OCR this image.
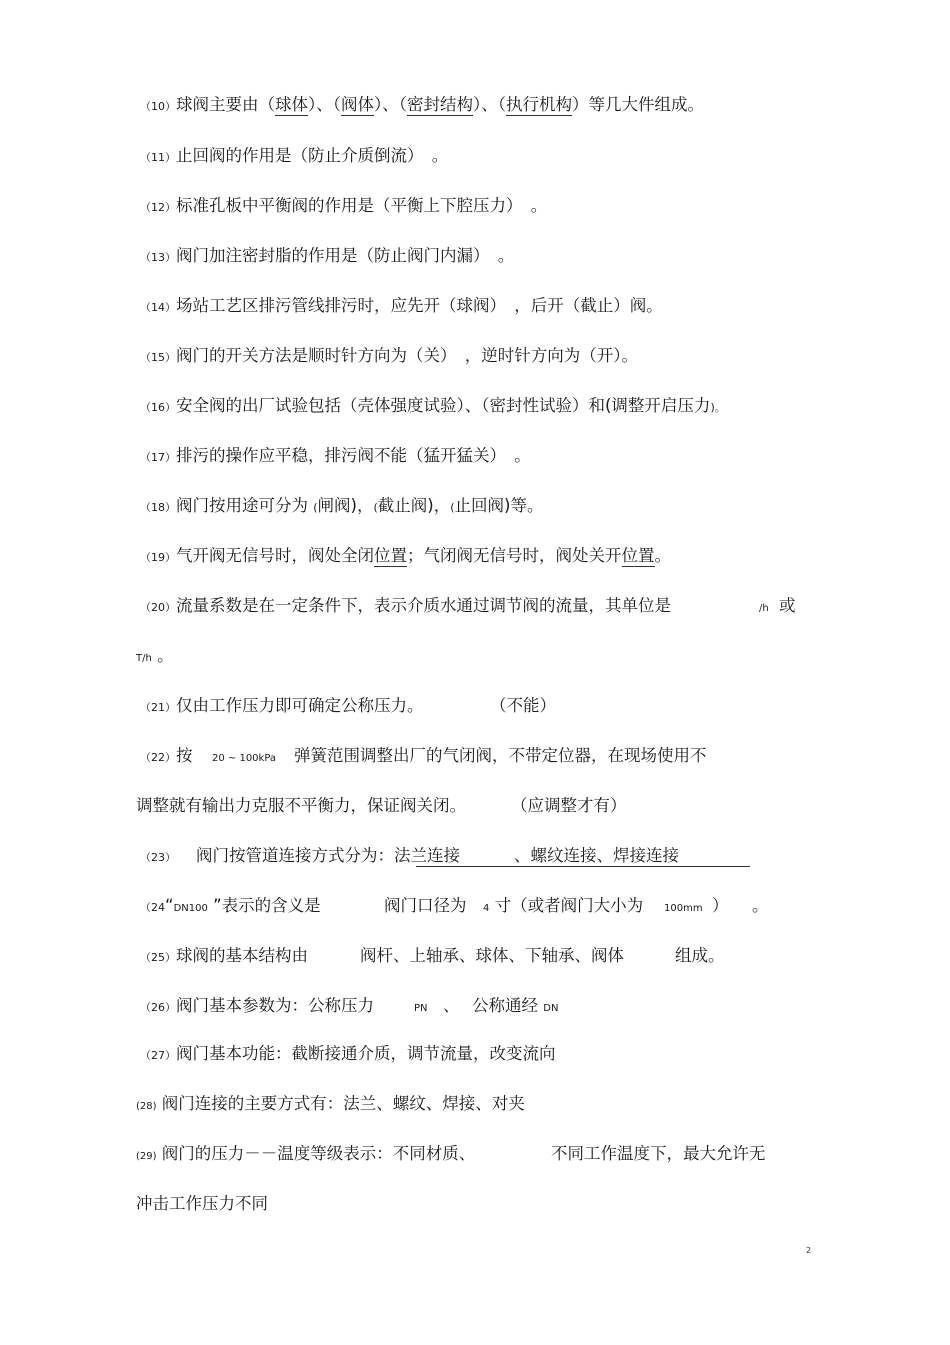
（10）球阀主要由（球体）、（阀体）、（密封结构）、（执行机构）等几大件组成。
（11）止回阀的作用是（防止介质倒流）　。
（12）标准孔板中平衡阀的作用是（平衡上下腔压力）　。
（13）阀门加注密封脂的作用是（防止阀门内漏）　。
（14）场站工艺区排污管线排污时，应先开（球阀）　，后开（截止）阀。
（15）阀门的开关方法是顺时针方向为（关）　，逆时针方向为（开）。
（16）安全阀的出厂试验包括（壳体强度试验）、（密封性试验）和(调整开启压力)。
（17）排污的操作应平稳，排污阀不能（猛开猛关）　。
（18）阀门按用途可分为 (闸阀)，(截止阀)，(止回阀)等。
（19）气开阀无信号时，阀处全闭位置；气闭阀无信号时，阀处关开位置。
（20）流量系数是在一定条件下，表示介质水通过调节阀的流量，其单位是	/h 或
T/h 。
（21）仅由工作压力即可确定公称压力。	（不能）
（22）按 20 ~ 100kPa 弹簧范围调整出厂的气闭阀，不带定位器，在现场使用不
调整就有输出力克服不平衡力，保证阀关闭。	（应调整才有）
（23） 阀门按管道连接方式分为：法兰连接	、螺纹连接、焊接连接
（24“DN100 ”表示的含义是	阀门口径为 4 寸（或者阀门大小为 100mm ） 。
（25）球阀的基本结构由	阀杆、上轴承、球体、下轴承、阀体	组成。
（26）阀门基本参数为：公称压力	PN 、 公称通经 DN
（27）阀门基本功能：截断接通介质，调节流量，改变流向
(28) 阀门连接的主要方式有：法兰、螺纹、焊接、对夹
(29) 阀门的压力－－温度等级表示：不同材质、	不同工作温度下，最大允许无
冲击工作压力不同
2
